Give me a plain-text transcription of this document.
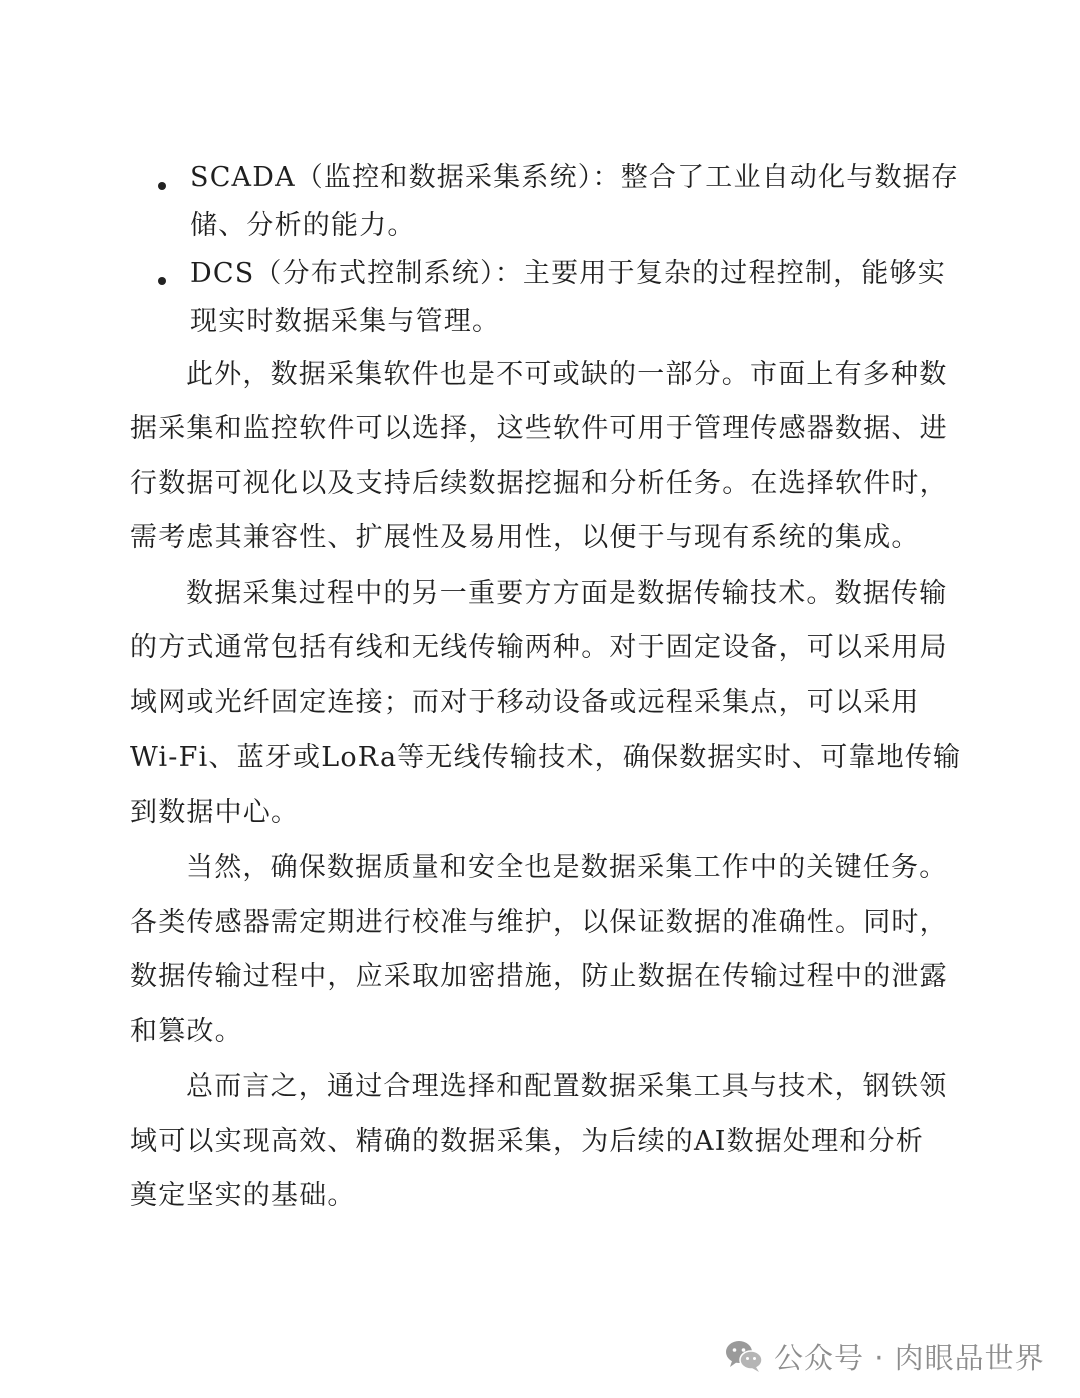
SCADA（监控和数据采集系统）：整合了工业自动化与数据存
储、分析的能力。
DCS（分布式控制系统）：主要用于复杂的过程控制，能够实
现实时数据采集与管理。
此外，数据采集软件也是不可或缺的一部分。市面上有多种数
据采集和监控软件可以选择，这些软件可用于管理传感器数据、进
行数据可视化以及支持后续数据挖掘和分析任务。在选择软件时，
需考虑其兼容性、扩展性及易用性，以便于与现有系统的集成。
数据采集过程中的另一重要方方面是数据传输技术。数据传输
的方式通常包括有线和无线传输两种。对于固定设备，可以采用局
域网或光纤固定连接；而对于移动设备或远程采集点，可以采用
Wi-Fi、蓝牙或LoRa等无线传输技术，确保数据实时、可靠地传输
到数据中心。
当然，确保数据质量和安全也是数据采集工作中的关键任务。
各类传感器需定期进行校准与维护，以保证数据的准确性。同时，
数据传输过程中，应采取加密措施，防止数据在传输过程中的泄露
和篡改。
总而言之，通过合理选择和配置数据采集工具与技术，钢铁领
域可以实现高效、精确的数据采集，为后续的AI数据处理和分析
奠定坚实的基础。
公众号 · 肉眼品世界
